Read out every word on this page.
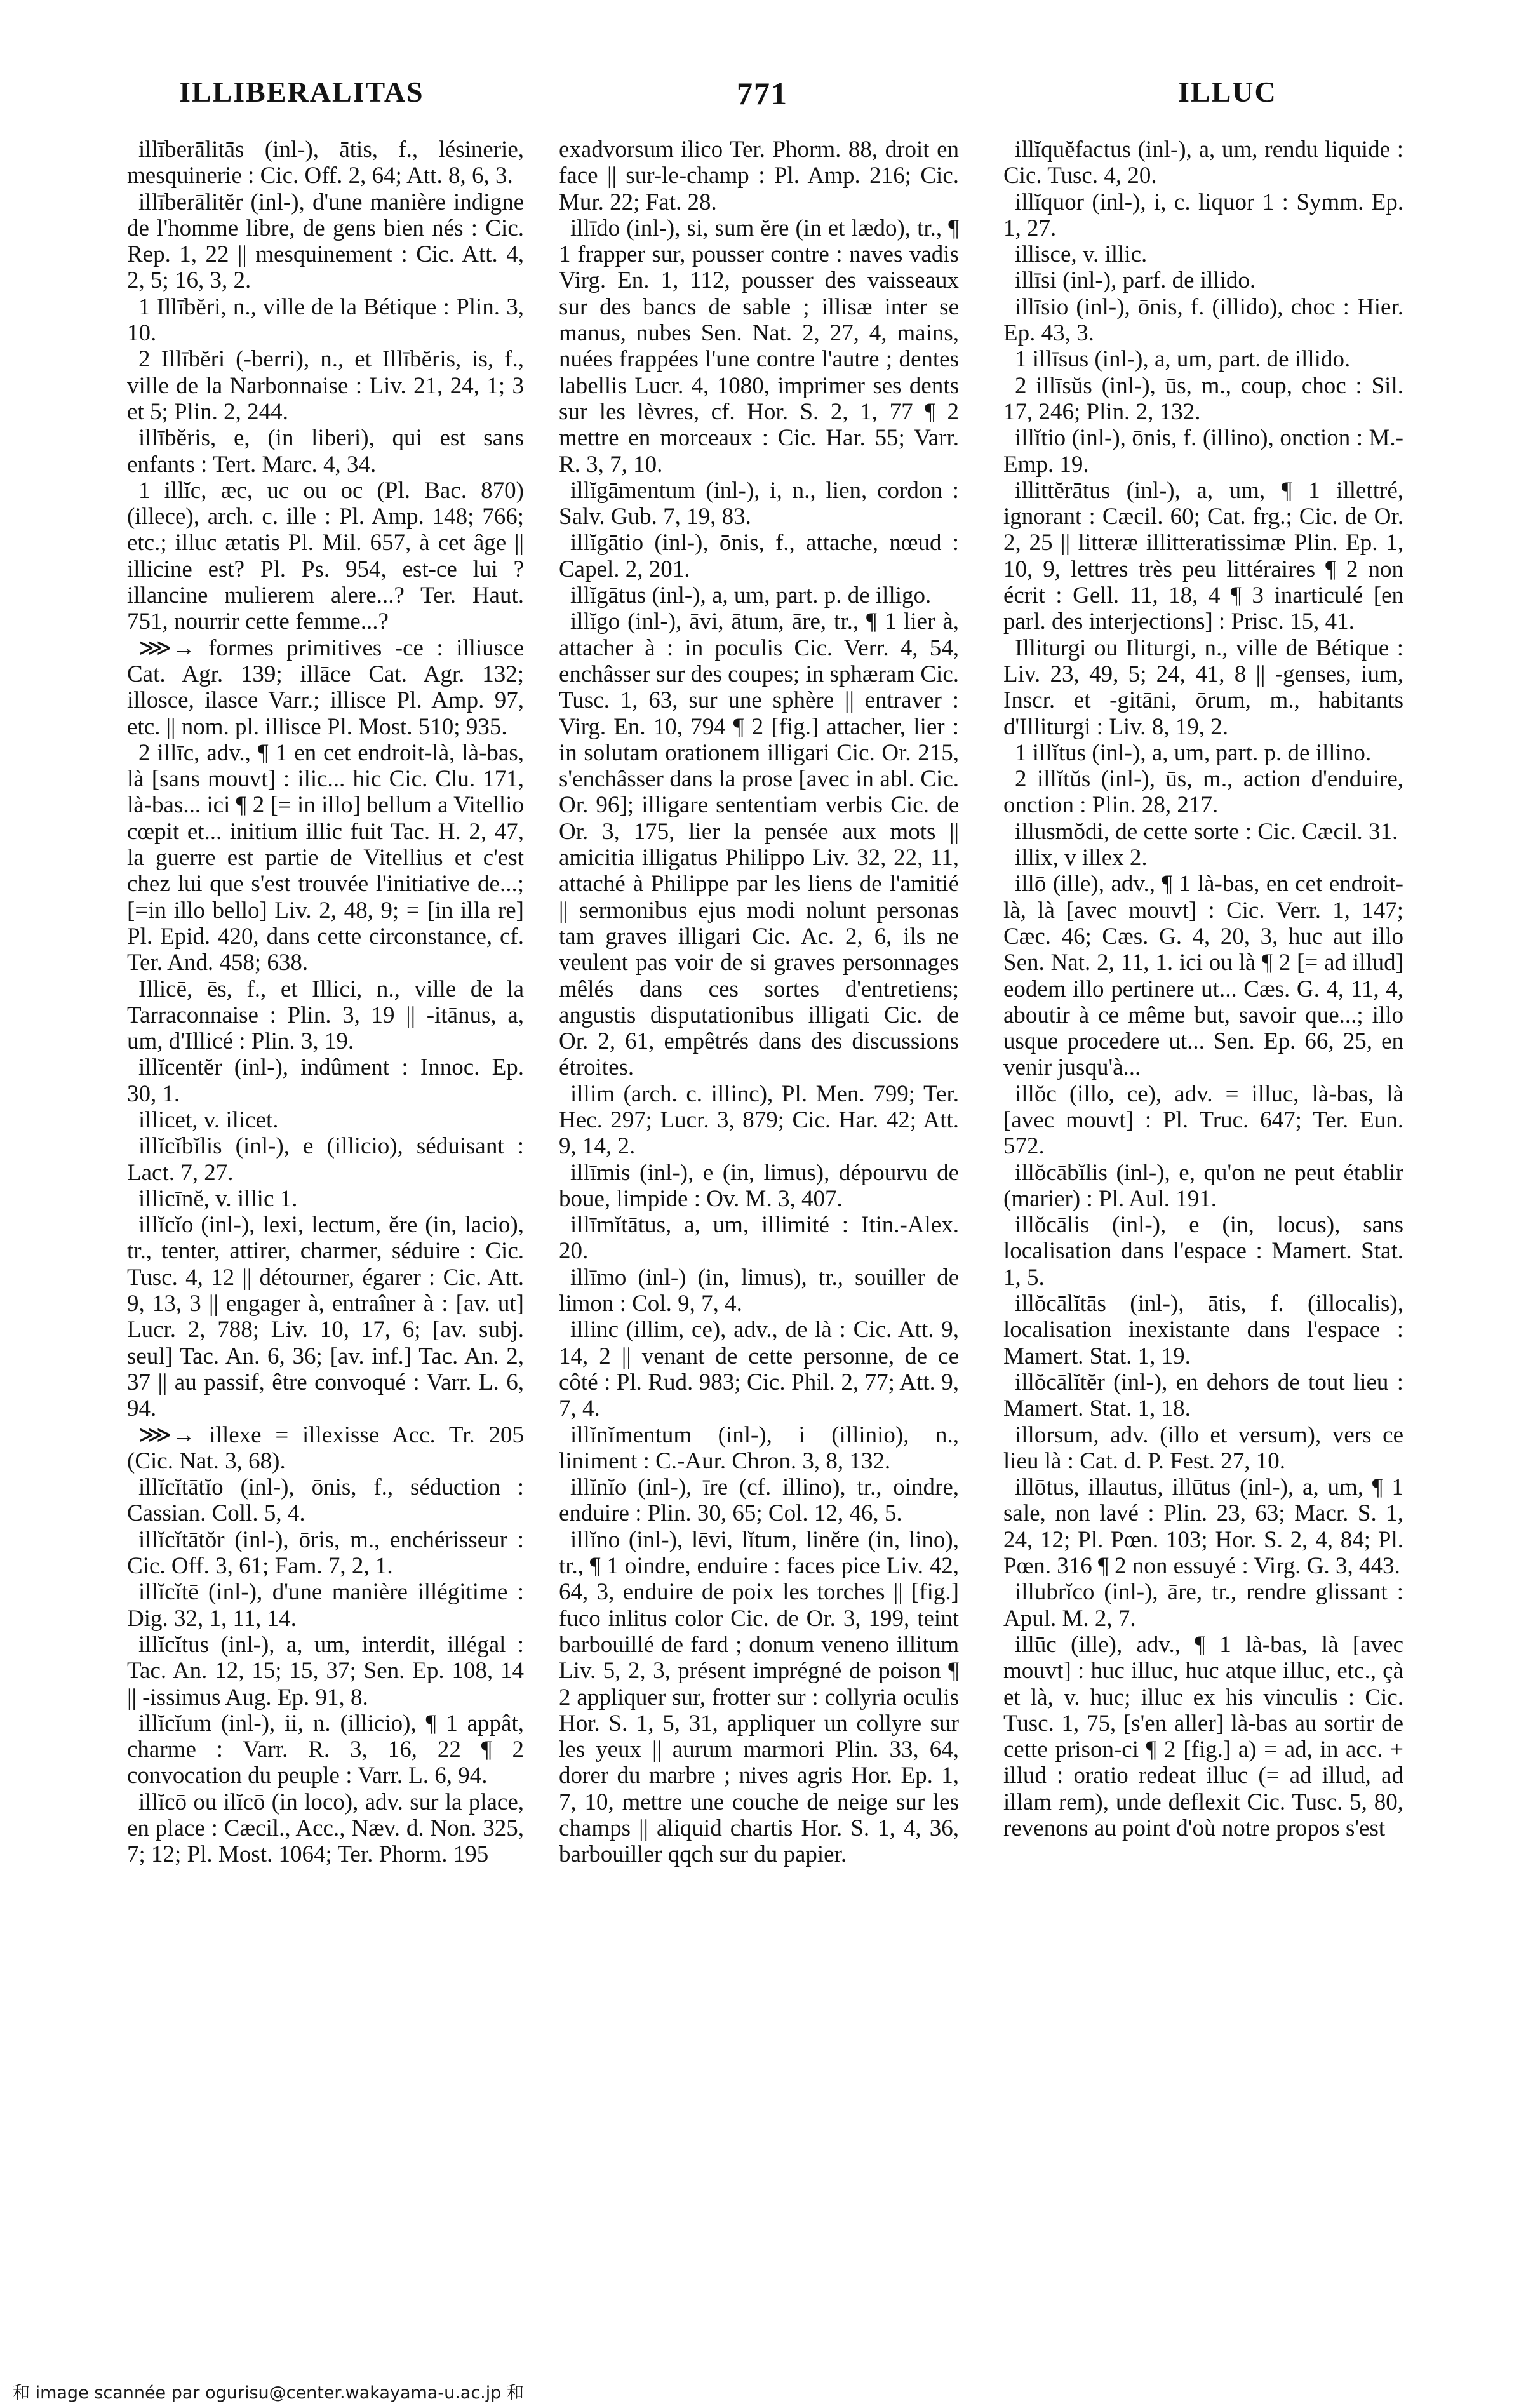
ILLIBERALITAS	771	ILLUC

illīberālitās (inl-), ātis, f., lésinerie, mesquinerie : Cic. Off. 2, 64; Att. 8, 6, 3.

illīberālitĕr (inl-), d'une manière indigne de l'homme libre, de gens bien nés : Cic. Rep. 1, 22 || mesquinement : Cic. Att. 4, 2, 5; 16, 3, 2.

1 Illībĕri, n., ville de la Bétique : Plin. 3, 10.

2 Illībĕri (-berri), n., et Illībĕris, is, f., ville de la Narbonnaise : Liv. 21, 24, 1; 3 et 5; Plin. 2, 244.

illībĕris, e, (in liberi), qui est sans enfants : Tert. Marc. 4, 34.

1 illĭc, æc, uc ou oc (Pl. Bac. 870) (illece), arch. c. ille : Pl. Amp. 148; 766; etc.; illuc ætatis Pl. Mil. 657, à cet âge || illicine est? Pl. Ps. 954, est-ce lui ? illancine mulierem alere...? Ter. Haut. 751, nourrir cette femme...?

⋙→ formes primitives -ce : illiusce Cat. Agr. 139; illāce Cat. Agr. 132; illosce, ilasce Varr.; illisce Pl. Amp. 97, etc. || nom. pl. illisce Pl. Most. 510; 935.

2 illīc, adv., ¶ 1 en cet endroit-là, là-bas, là [sans mouvt] : ilic... hic Cic. Clu. 171, là-bas... ici ¶ 2 [= in illo] bellum a Vitellio cœpit et... initium illic fuit Tac. H. 2, 47, la guerre est partie de Vitellius et c'est chez lui que s'est trouvée l'initiative de...; [=in illo bello] Liv. 2, 48, 9; = [in illa re] Pl. Epid. 420, dans cette circonstance, cf. Ter. And. 458; 638.

Illicē, ēs, f., et Illici, n., ville de la Tarraconnaise : Plin. 3, 19 || -itānus, a, um, d'Illicé : Plin. 3, 19.

illĭcentĕr (inl-), indûment : Innoc. Ep. 30, 1.

illicet, v. ilicet.

illĭcĭbĭlis (inl-), e (illicio), séduisant : Lact. 7, 27.

illicīnĕ, v. illic 1.

illĭcĭo (inl-), lexi, lectum, ĕre (in, lacio), tr., tenter, attirer, charmer, séduire : Cic. Tusc. 4, 12 || détourner, égarer : Cic. Att. 9, 13, 3 || engager à, entraîner à : [av. ut] Lucr. 2, 788; Liv. 10, 17, 6; [av. subj. seul] Tac. An. 6, 36; [av. inf.] Tac. An. 2, 37 || au passif, être convoqué : Varr. L. 6, 94.

⋙→ illexe = illexisse Acc. Tr. 205 (Cic. Nat. 3, 68).

illĭcĭtātĭo (inl-), ōnis, f., séduction : Cassian. Coll. 5, 4.

illĭcĭtātŏr (inl-), ōris, m., enchérisseur : Cic. Off. 3, 61; Fam. 7, 2, 1.

illĭcĭtē (inl-), d'une manière illégitime : Dig. 32, 1, 11, 14.

illĭcĭtus (inl-), a, um, interdit, illégal : Tac. An. 12, 15; 15, 37; Sen. Ep. 108, 14 || -issimus Aug. Ep. 91, 8.

illĭcĭum (inl-), ii, n. (illicio), ¶ 1 appât, charme : Varr. R. 3, 16, 22 ¶ 2 convocation du peuple : Varr. L. 6, 94.

illĭcō ou ilĭcō (in loco), adv. sur la place, en place : Cæcil., Acc., Næv. d. Non. 325, 7; 12; Pl. Most. 1064; Ter. Phorm. 195

exadvorsum ilico Ter. Phorm. 88, droit en face || sur-le-champ : Pl. Amp. 216; Cic. Mur. 22; Fat. 28.

illīdo (inl-), si, sum ĕre (in et lædo), tr., ¶ 1 frapper sur, pousser contre : naves vadis Virg. En. 1, 112, pousser des vaisseaux sur des bancs de sable ; illisæ inter se manus, nubes Sen. Nat. 2, 27, 4, mains, nuées frappées l'une contre l'autre ; dentes labellis Lucr. 4, 1080, imprimer ses dents sur les lèvres, cf. Hor. S. 2, 1, 77 ¶ 2 mettre en morceaux : Cic. Har. 55; Varr. R. 3, 7, 10.

illĭgāmentum (inl-), i, n., lien, cordon : Salv. Gub. 7, 19, 83.

illĭgātio (inl-), ōnis, f., attache, nœud : Capel. 2, 201.

illĭgātus (inl-), a, um, part. p. de illigo.

illĭgo (inl-), āvi, ātum, āre, tr., ¶ 1 lier à, attacher à : in poculis Cic. Verr. 4, 54, enchâsser sur des coupes; in sphæram Cic. Tusc. 1, 63, sur une sphère || entraver : Virg. En. 10, 794 ¶ 2 [fig.] attacher, lier : in solutam orationem illigari Cic. Or. 215, s'enchâsser dans la prose [avec in abl. Cic. Or. 96]; illigare sententiam verbis Cic. de Or. 3, 175, lier la pensée aux mots || amicitia illigatus Philippo Liv. 32, 22, 11, attaché à Philippe par les liens de l'amitié || sermonibus ejus modi nolunt personas tam graves illigari Cic. Ac. 2, 6, ils ne veulent pas voir de si graves personnages mêlés dans ces sortes d'entretiens; angustis disputationibus illigati Cic. de Or. 2, 61, empêtrés dans des discussions étroites.

illim (arch. c. illinc), Pl. Men. 799; Ter. Hec. 297; Lucr. 3, 879; Cic. Har. 42; Att. 9, 14, 2.

illīmis (inl-), e (in, limus), dépourvu de boue, limpide : Ov. M. 3, 407.

illīmĭtātus, a, um, illimité : Itin.-Alex. 20.

illīmo (inl-) (in, limus), tr., souiller de limon : Col. 9, 7, 4.

illinc (illim, ce), adv., de là : Cic. Att. 9, 14, 2 || venant de cette personne, de ce côté : Pl. Rud. 983; Cic. Phil. 2, 77; Att. 9, 7, 4.

illĭnĭmentum (inl-), i (illinio), n., liniment : C.-Aur. Chron. 3, 8, 132.

illĭnĭo (inl-), īre (cf. illino), tr., oindre, enduire : Plin. 30, 65; Col. 12, 46, 5.

illĭno (inl-), lēvi, lĭtum, linĕre (in, lino), tr., ¶ 1 oindre, enduire : faces pice Liv. 42, 64, 3, enduire de poix les torches || [fig.] fuco inlitus color Cic. de Or. 3, 199, teint barbouillé de fard ; donum veneno illitum Liv. 5, 2, 3, présent imprégné de poison ¶ 2 appliquer sur, frotter sur : collyria oculis Hor. S. 1, 5, 31, appliquer un collyre sur les yeux || aurum marmori Plin. 33, 64, dorer du marbre ; nives agris Hor. Ep. 1, 7, 10, mettre une couche de neige sur les champs || aliquid chartis Hor. S. 1, 4, 36, barbouiller qqch sur du papier.

illĭquĕfactus (inl-), a, um, rendu liquide : Cic. Tusc. 4, 20.

illĭquor (inl-), i, c. liquor 1 : Symm. Ep. 1, 27.

illisce, v. illic.

illīsi (inl-), parf. de illido.

illīsio (inl-), ōnis, f. (illido), choc : Hier. Ep. 43, 3.

1 illīsus (inl-), a, um, part. de illido.

2 illīsŭs (inl-), ūs, m., coup, choc : Sil. 17, 246; Plin. 2, 132.

illĭtio (inl-), ōnis, f. (illino), onction : M.-Emp. 19.

illittĕrātus (inl-), a, um, ¶ 1 illettré, ignorant : Cæcil. 60; Cat. frg.; Cic. de Or. 2, 25 || litteræ illitteratissimæ Plin. Ep. 1, 10, 9, lettres très peu littéraires ¶ 2 non écrit : Gell. 11, 18, 4 ¶ 3 inarticulé [en parl. des interjections] : Prisc. 15, 41.

Illiturgi ou Iliturgi, n., ville de Bétique : Liv. 23, 49, 5; 24, 41, 8 || -genses, ium, Inscr. et -gitāni, ōrum, m., habitants d'Illiturgi : Liv. 8, 19, 2.

1 illĭtus (inl-), a, um, part. p. de illino.

2 illĭtŭs (inl-), ūs, m., action d'enduire, onction : Plin. 28, 217.

illusmŏdi, de cette sorte : Cic. Cæcil. 31.

illix, v illex 2.

illō (ille), adv., ¶ 1 là-bas, en cet endroit-là, là [avec mouvt] : Cic. Verr. 1, 147; Cæc. 46; Cæs. G. 4, 20, 3, huc aut illo Sen. Nat. 2, 11, 1. ici ou là ¶ 2 [= ad illud] eodem illo pertinere ut... Cæs. G. 4, 11, 4, aboutir à ce même but, savoir que...; illo usque procedere ut... Sen. Ep. 66, 25, en venir jusqu'à...

illŏc (illo, ce), adv. = illuc, là-bas, là [avec mouvt] : Pl. Truc. 647; Ter. Eun. 572.

illŏcābĭlis (inl-), e, qu'on ne peut établir (marier) : Pl. Aul. 191.

illŏcālis (inl-), e (in, locus), sans localisation dans l'espace : Mamert. Stat. 1, 5.

illŏcālĭtās (inl-), ātis, f. (illocalis), localisation inexistante dans l'espace : Mamert. Stat. 1, 19.

illŏcālĭtĕr (inl-), en dehors de tout lieu : Mamert. Stat. 1, 18.

illorsum, adv. (illo et versum), vers ce lieu là : Cat. d. P. Fest. 27, 10.

illōtus, illautus, illūtus (inl-), a, um, ¶ 1 sale, non lavé : Plin. 23, 63; Macr. S. 1, 24, 12; Pl. Pœn. 103; Hor. S. 2, 4, 84; Pl. Pœn. 316 ¶ 2 non essuyé : Virg. G. 3, 443.

illubrĭco (inl-), āre, tr., rendre glissant : Apul. M. 2, 7.

illūc (ille), adv., ¶ 1 là-bas, là [avec mouvt] : huc illuc, huc atque illuc, etc., çà et là, v. huc; illuc ex his vinculis : Cic. Tusc. 1, 75, [s'en aller] là-bas au sortir de cette prison-ci ¶ 2 [fig.] a) = ad, in acc. + illud : oratio redeat illuc (= ad illud, ad illam rem), unde deflexit Cic. Tusc. 5, 80, revenons au point d'où notre propos s'est

和 image scannée par ogurisu@center.wakayama-u.ac.jp 和
